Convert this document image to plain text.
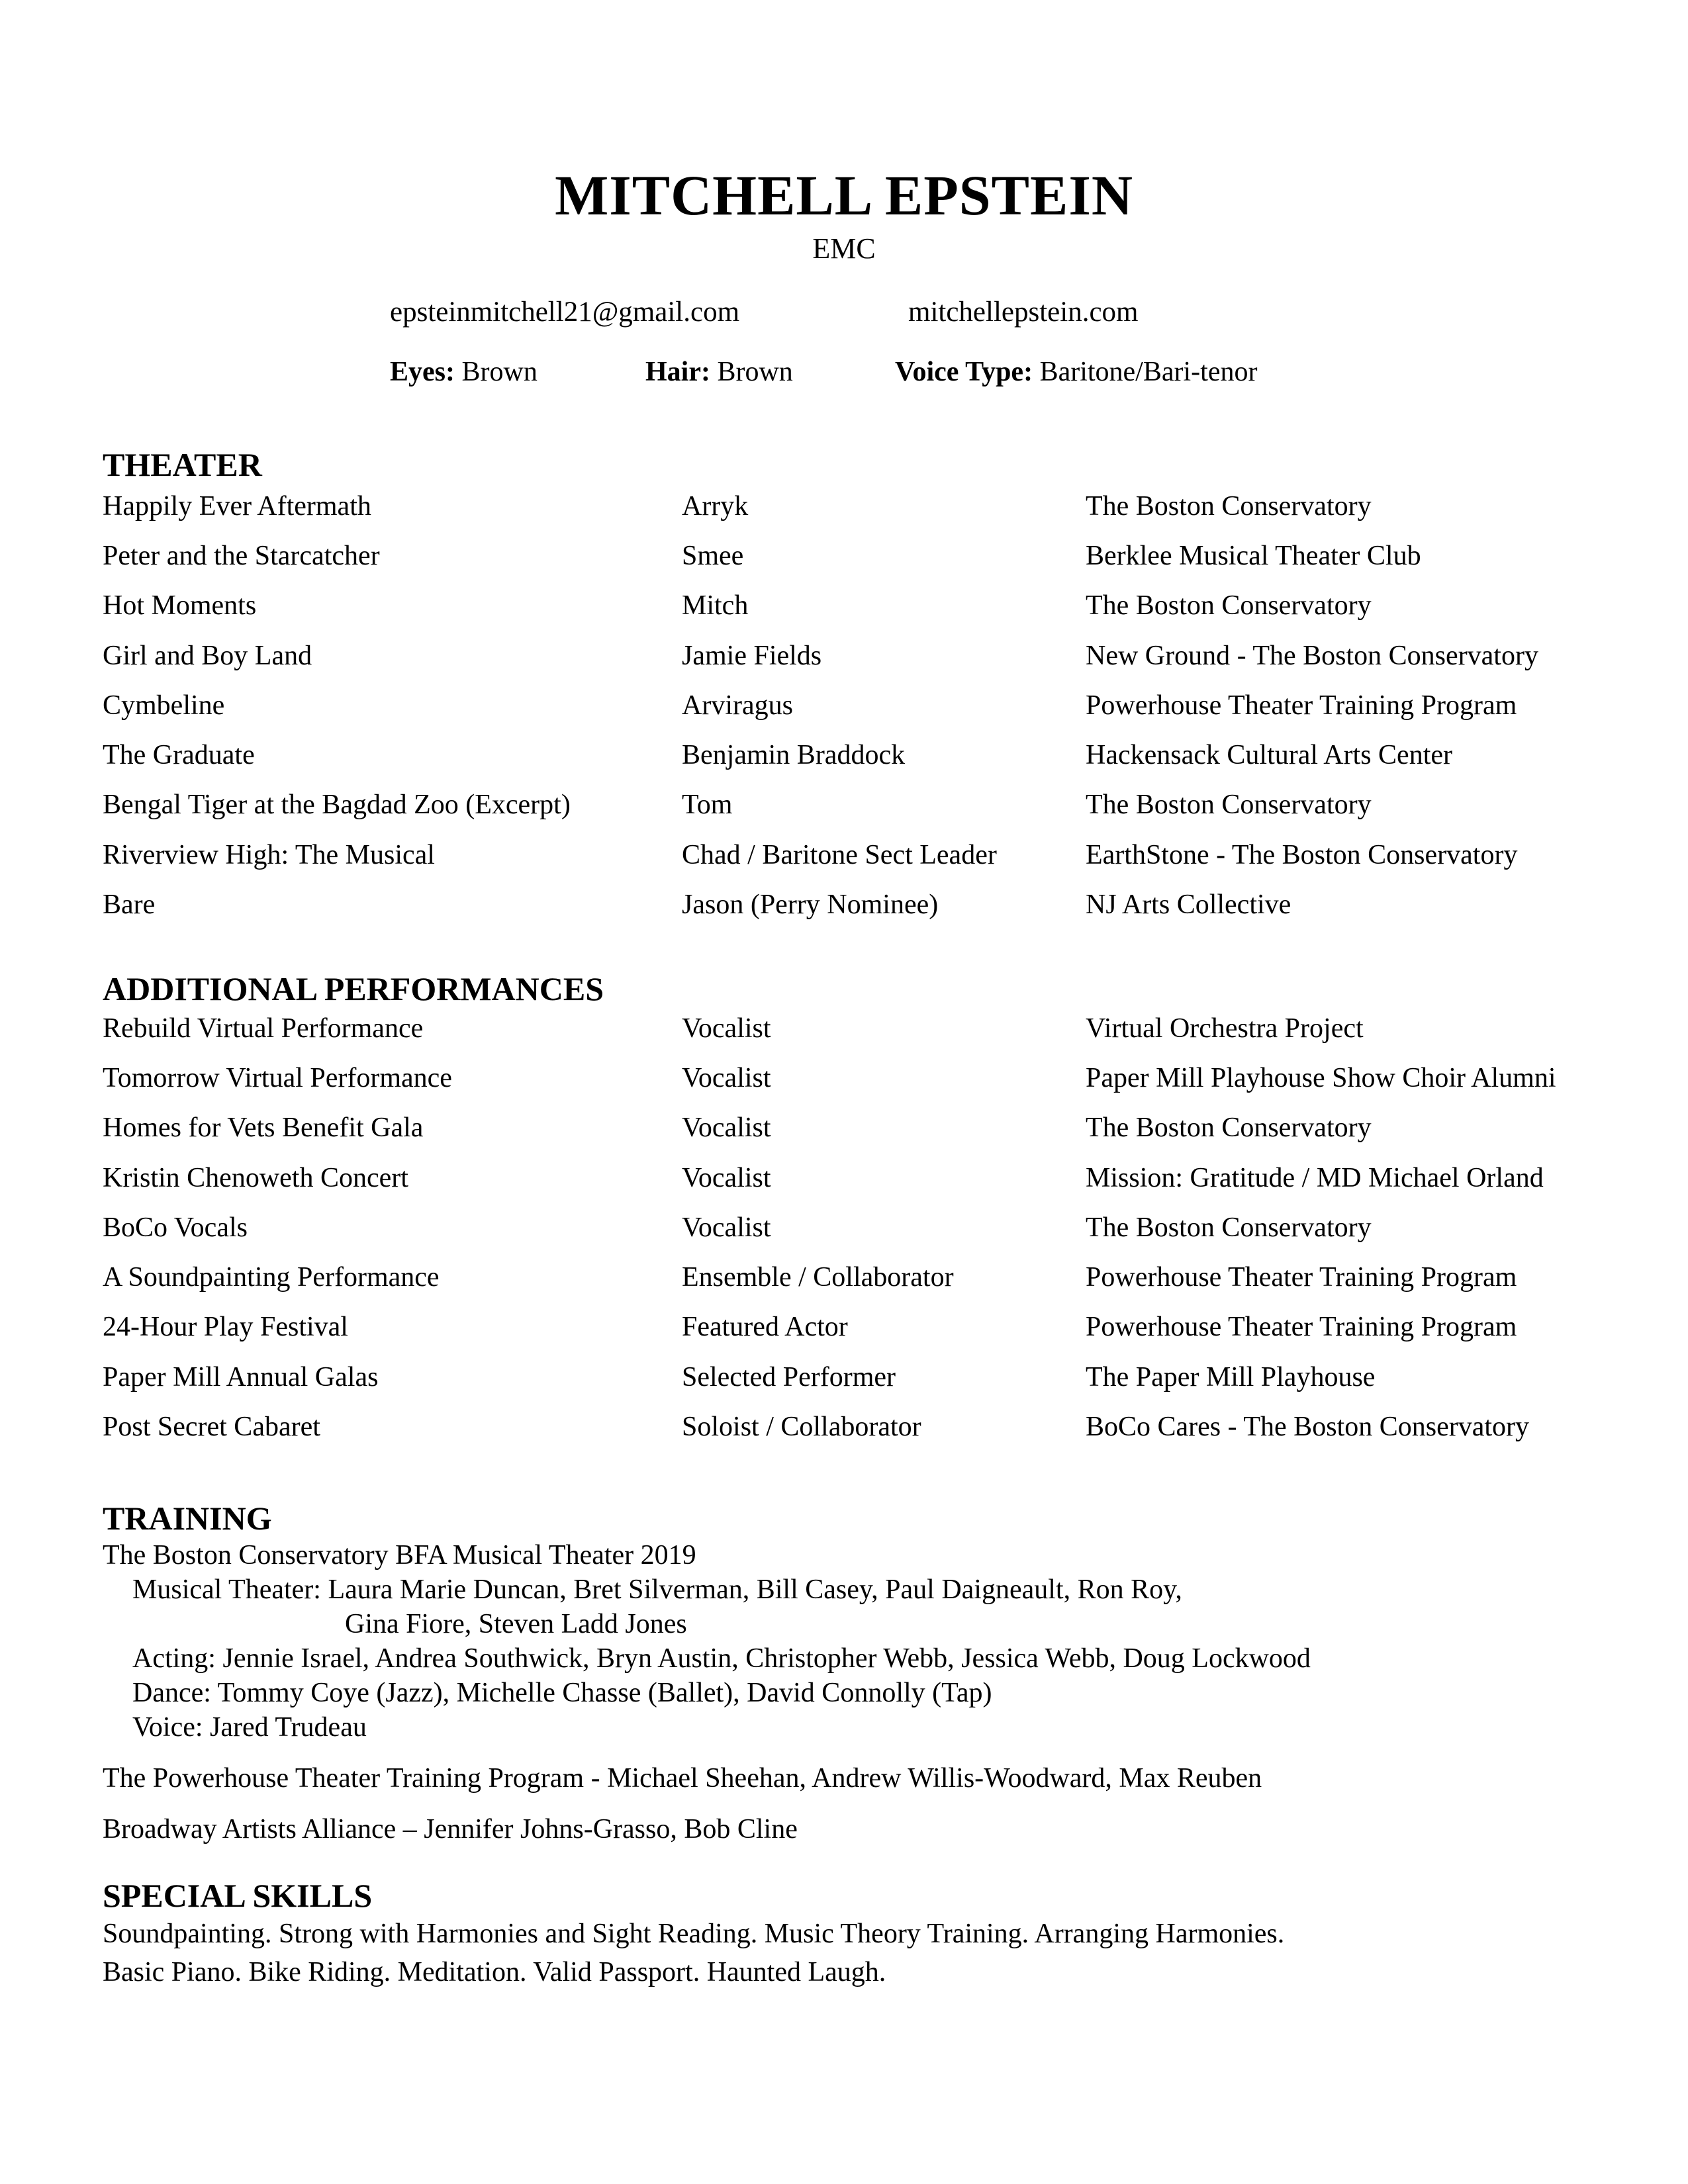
MITCHELL EPSTEIN
EMC
epsteinmitchell21@gmail.com	mitchellepstein.com
Eyes: Brown	Hair: Brown	Voice Type: Baritone/Bari-tenor
THEATER
Happily Ever Aftermath	Arryk	The Boston Conservatory
Peter and the Starcatcher	Smee	Berklee Musical Theater Club
Hot Moments	Mitch	The Boston Conservatory
Girl and Boy Land	Jamie Fields	New Ground - The Boston Conservatory
Cymbeline	Arviragus	Powerhouse Theater Training Program
The Graduate	Benjamin Braddock	Hackensack Cultural Arts Center
Bengal Tiger at the Bagdad Zoo (Excerpt)	Tom	The Boston Conservatory
Riverview High: The Musical	Chad / Baritone Sect Leader	EarthStone - The Boston Conservatory
Bare	Jason (Perry Nominee)	NJ Arts Collective
ADDITIONAL PERFORMANCES
Rebuild Virtual Performance	Vocalist	Virtual Orchestra Project
Tomorrow Virtual Performance	Vocalist	Paper Mill Playhouse Show Choir Alumni
Homes for Vets Benefit Gala	Vocalist	The Boston Conservatory
Kristin Chenoweth Concert	Vocalist	Mission: Gratitude / MD Michael Orland
BoCo Vocals	Vocalist	The Boston Conservatory
A Soundpainting Performance	Ensemble / Collaborator	Powerhouse Theater Training Program
24-Hour Play Festival	Featured Actor	Powerhouse Theater Training Program
Paper Mill Annual Galas	Selected Performer	The Paper Mill Playhouse
Post Secret Cabaret	Soloist / Collaborator	BoCo Cares - The Boston Conservatory
TRAINING
The Boston Conservatory BFA Musical Theater 2019
Musical Theater: Laura Marie Duncan, Bret Silverman, Bill Casey, Paul Daigneault, Ron Roy,
Gina Fiore, Steven Ladd Jones
Acting: Jennie Israel, Andrea Southwick, Bryn Austin, Christopher Webb, Jessica Webb, Doug Lockwood
Dance: Tommy Coye (Jazz), Michelle Chasse (Ballet), David Connolly (Tap)
Voice: Jared Trudeau
The Powerhouse Theater Training Program - Michael Sheehan, Andrew Willis-Woodward, Max Reuben
Broadway Artists Alliance – Jennifer Johns-Grasso, Bob Cline
SPECIAL SKILLS
Soundpainting. Strong with Harmonies and Sight Reading. Music Theory Training. Arranging Harmonies.
Basic Piano. Bike Riding. Meditation. Valid Passport. Haunted Laugh.
